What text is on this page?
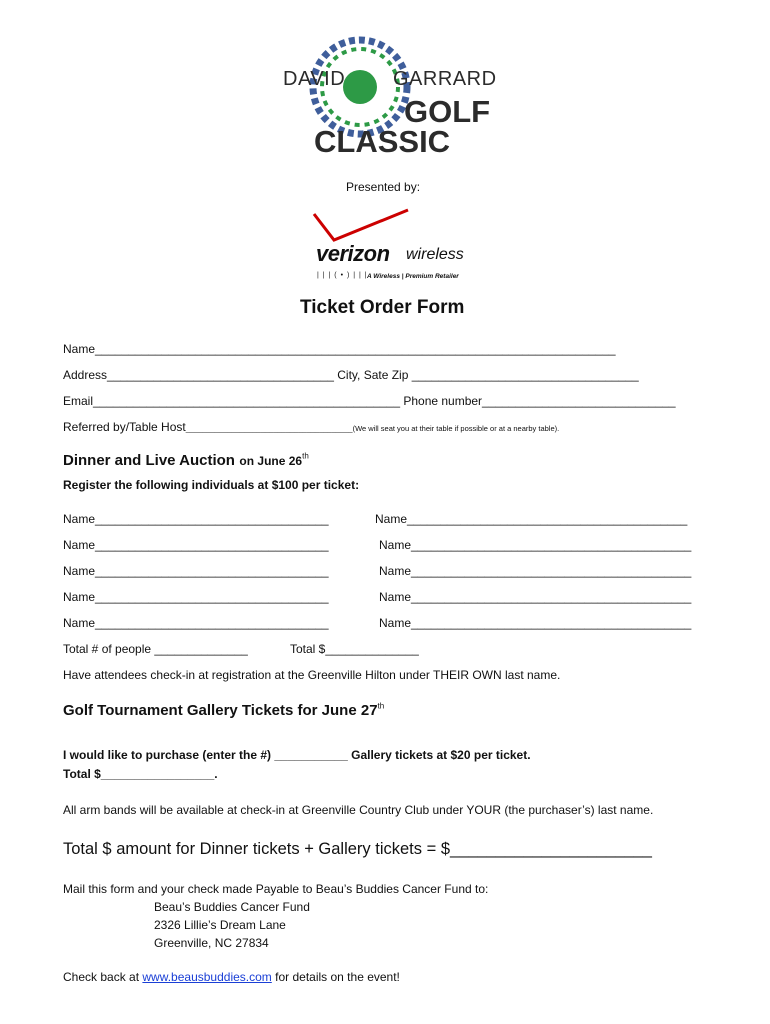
DAVID GARRARD
GOLF
CLASSIC
Presented by:
verizon wireless
| | | ( • ) | | | A Wireless | Premium Retailer
Ticket Order Form
Name______________________________________________________________________________
Address__________________________________ City, Sate Zip __________________________________
Email______________________________________________ Phone number_____________________________
Referred by/Table Host________________________________________(We will seat you at their table if possible or at a nearby table).
Dinner and Live Auction on June 26th
Register the following individuals at $100 per ticket:
Name___________________________________	Name__________________________________________
Name___________________________________	Name__________________________________________
Name___________________________________	Name__________________________________________
Name___________________________________	Name__________________________________________
Name___________________________________	Name__________________________________________
Total # of people ______________	Total $______________
Have attendees check-in at registration at the Greenville Hilton under THEIR OWN last name.
Golf Tournament Gallery Tickets for June 27th
I would like to purchase (enter the #) ___________ Gallery tickets at $20 per ticket.
Total $_________________.
All arm bands will be available at check-in at Greenville Country Club under YOUR (the purchaser’s) last name.
Total $ amount for Dinner tickets + Gallery tickets = $______________________
Mail this form and your check made Payable to Beau’s Buddies Cancer Fund to:
Beau’s Buddies Cancer Fund
2326 Lillie’s Dream Lane
Greenville, NC 27834
Check back at www.beausbuddies.com for details on the event!
